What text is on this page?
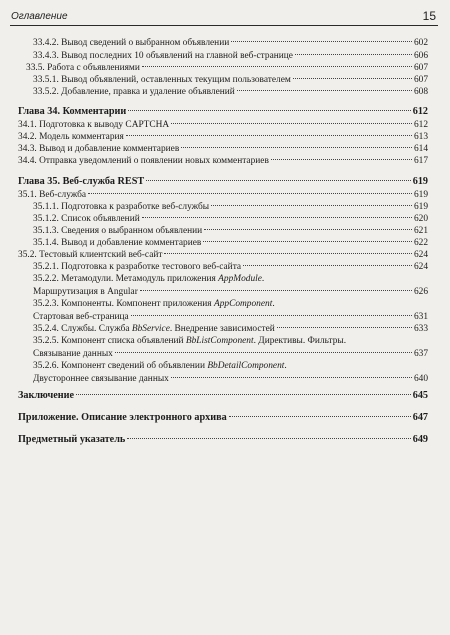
Оглавление	15
33.4.2. Вывод сведений о выбранном объявлении	602
33.4.3. Вывод последних 10 объявлений на главной веб-странице	606
33.5. Работа с объявлениями	607
33.5.1. Вывод объявлений, оставленных текущим пользователем	607
33.5.2. Добавление, правка и удаление объявлений	608
Глава 34. Комментарии	612
34.1. Подготовка к выводу CAPTCHA	612
34.2. Модель комментария	613
34.3. Вывод и добавление комментариев	614
34.4. Отправка уведомлений о появлении новых комментариев	617
Глава 35. Веб-служба REST	619
35.1. Веб-служба	619
35.1.1. Подготовка к разработке веб-службы	619
35.1.2. Список объявлений	620
35.1.3. Сведения о выбранном объявлении	621
35.1.4. Вывод и добавление комментариев	622
35.2. Тестовый клиентский веб-сайт	624
35.2.1. Подготовка к разработке тестового веб-сайта	624
35.2.2. Метамодули. Метамодуль приложения AppModule.
Маршрутизация в Angular	626
35.2.3. Компоненты. Компонент приложения AppComponent.
Стартовая веб-страница	631
35.2.4. Службы. Служба BbService. Внедрение зависимостей	633
35.2.5. Компонент списка объявлений BbListComponent. Директивы. Фильтры.
Связывание данных	637
35.2.6. Компонент сведений об объявлении BbDetailComponent.
Двустороннее связывание данных	640
Заключение	645
Приложение. Описание электронного архива	647
Предметный указатель	649
